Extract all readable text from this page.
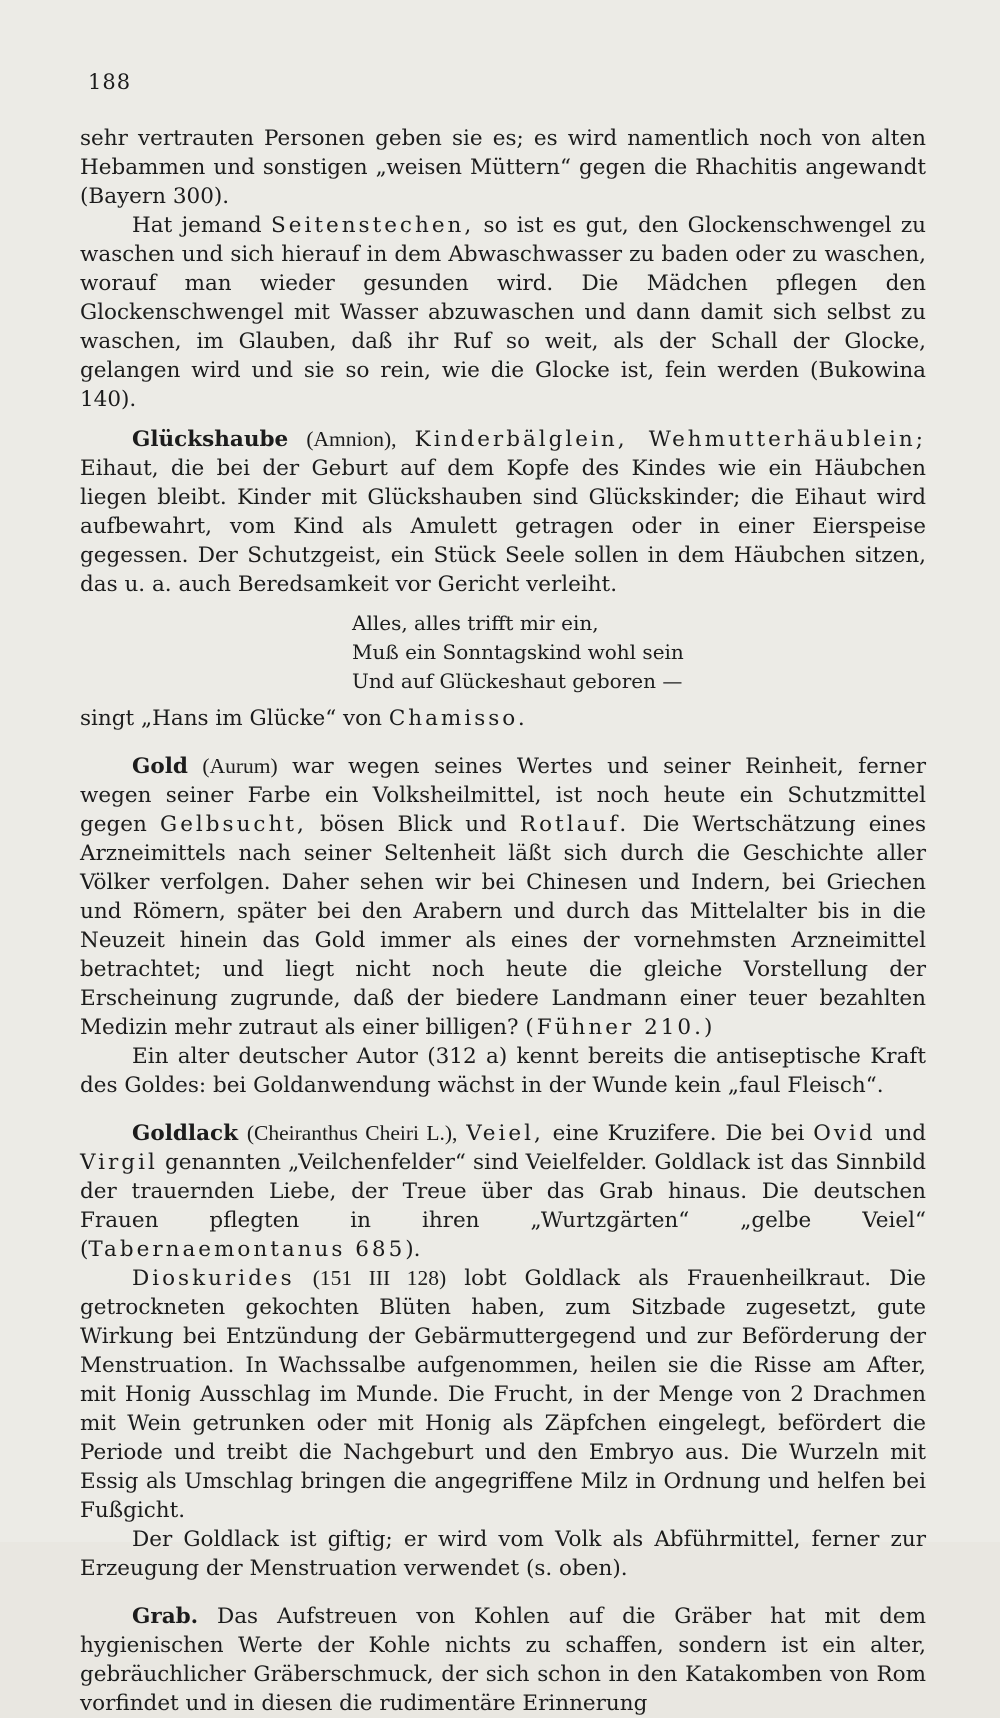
188

sehr vertrauten Personen geben sie es; es wird namentlich noch von alten Hebammen und sonstigen „weisen Müttern“ gegen die Rhachitis angewandt (Bayern 300).

Hat jemand Seitenstechen, so ist es gut, den Glockenschwengel zu waschen und sich hierauf in dem Abwaschwasser zu baden oder zu waschen, worauf man wieder gesunden wird. Die Mädchen pflegen den Glockenschwengel mit Wasser abzuwaschen und dann damit sich selbst zu waschen, im Glauben, daß ihr Ruf so weit, als der Schall der Glocke, gelangen wird und sie so rein, wie die Glocke ist, fein werden (Bukowina 140).

Glückshaube (Amnion), Kinderbälglein, Wehmutterhäublein; Eihaut, die bei der Geburt auf dem Kopfe des Kindes wie ein Häubchen liegen bleibt. Kinder mit Glückshauben sind Glückskinder; die Eihaut wird aufbewahrt, vom Kind als Amulett getragen oder in einer Eierspeise gegessen. Der Schutzgeist, ein Stück Seele sollen in dem Häubchen sitzen, das u. a. auch Beredsamkeit vor Gericht verleiht.

Alles, alles trifft mir ein,
Muß ein Sonntagskind wohl sein
Und auf Glückeshaut geboren —

singt „Hans im Glücke“ von Chamisso.

Gold (Aurum) war wegen seines Wertes und seiner Reinheit, ferner wegen seiner Farbe ein Volksheilmittel, ist noch heute ein Schutzmittel gegen Gelbsucht, bösen Blick und Rotlauf. Die Wertschätzung eines Arzneimittels nach seiner Seltenheit läßt sich durch die Geschichte aller Völker verfolgen. Daher sehen wir bei Chinesen und Indern, bei Griechen und Römern, später bei den Arabern und durch das Mittelalter bis in die Neuzeit hinein das Gold immer als eines der vornehmsten Arzneimittel betrachtet; und liegt nicht noch heute die gleiche Vorstellung der Erscheinung zugrunde, daß der biedere Landmann einer teuer bezahlten Medizin mehr zutraut als einer billigen? (Fühner 210.)

Ein alter deutscher Autor (312 a) kennt bereits die antiseptische Kraft des Goldes: bei Goldanwendung wächst in der Wunde kein „faul Fleisch“.

Goldlack (Cheiranthus Cheiri L.), Veiel, eine Kruzifere. Die bei Ovid und Virgil genannten „Veilchenfelder“ sind Veielfelder. Goldlack ist das Sinnbild der trauernden Liebe, der Treue über das Grab hinaus. Die deutschen Frauen pflegten in ihren „Wurtzgärten“ „gelbe Veiel“ (Tabernaemontanus 685).

Dioskurides (151 III 128) lobt Goldlack als Frauenheilkraut. Die getrockneten gekochten Blüten haben, zum Sitzbade zugesetzt, gute Wirkung bei Entzündung der Gebärmuttergegend und zur Beförderung der Menstruation. In Wachssalbe aufgenommen, heilen sie die Risse am After, mit Honig Ausschlag im Munde. Die Frucht, in der Menge von 2 Drachmen mit Wein getrunken oder mit Honig als Zäpfchen eingelegt, befördert die Periode und treibt die Nachgeburt und den Embryo aus. Die Wurzeln mit Essig als Umschlag bringen die angegriffene Milz in Ordnung und helfen bei Fußgicht.

Der Goldlack ist giftig; er wird vom Volk als Abführmittel, ferner zur Erzeugung der Menstruation verwendet (s. oben).

Grab. Das Aufstreuen von Kohlen auf die Gräber hat mit dem hygienischen Werte der Kohle nichts zu schaffen, sondern ist ein alter, gebräuchlicher Gräberschmuck, der sich schon in den Katakomben von Rom vorfindet und in diesen die rudimentäre Erinnerung
